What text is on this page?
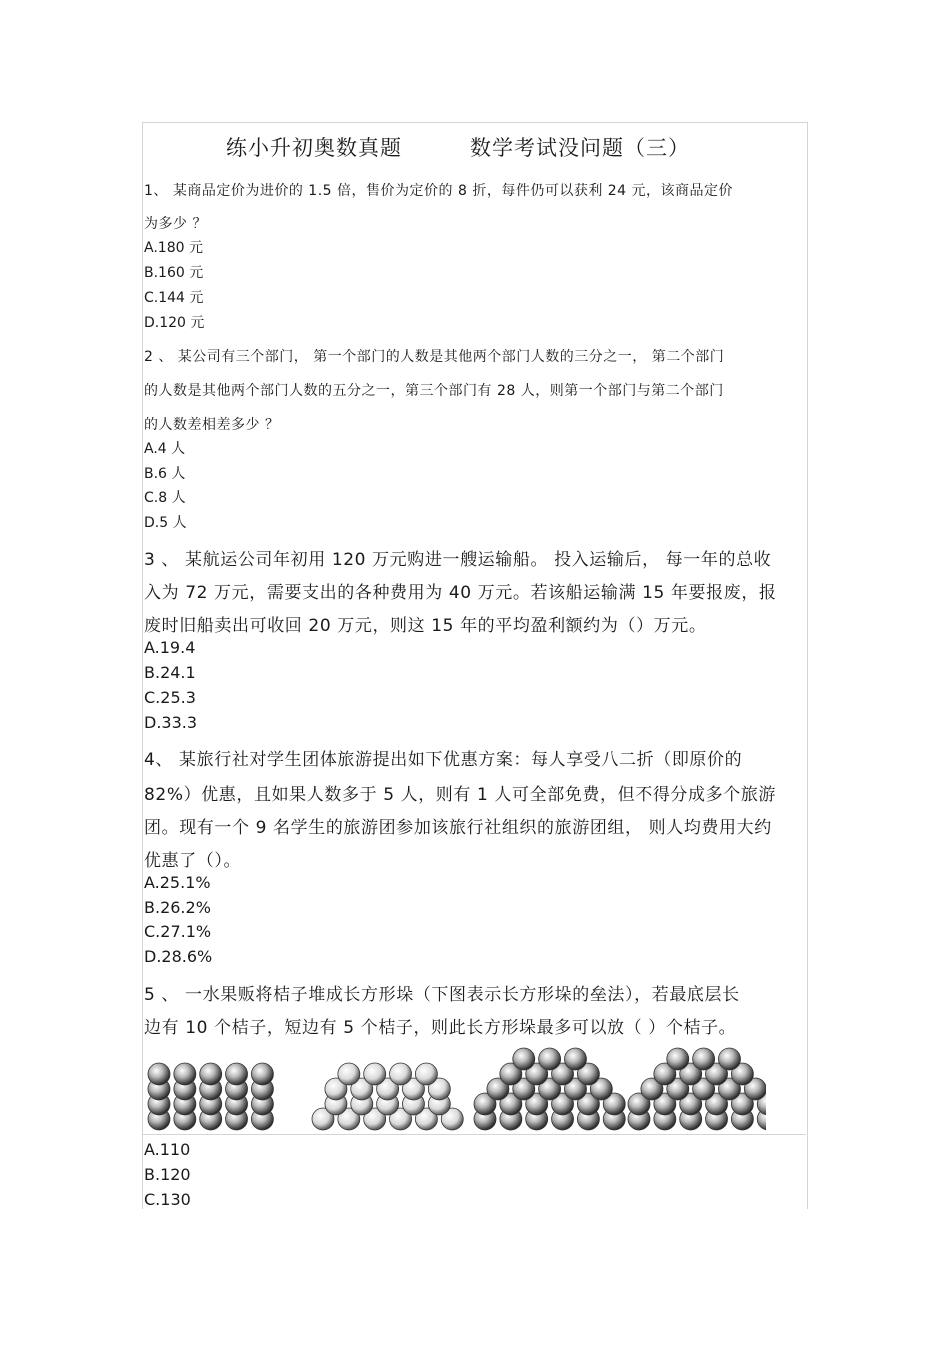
练小升初奥数真题	数学考试没问题（三）
1、 某商品定价为进价的 1.5 倍，售价为定价的 8 折，每件仍可以获利 24 元，该商品定价
为多少 ？
A.180 元
B.160 元
C.144 元
D.120 元
2 、 某公司有三个部门， 第一个部门的人数是其他两个部门人数的三分之一， 第二个部门
的人数是其他两个部门人数的五分之一，第三个部门有 28 人，则第一个部门与第二个部门
的人数差相差多少 ？
A.4 人
B.6 人
C.8 人
D.5 人
3 、 某航运公司年初用 120 万元购进一艘运输船。 投入运输后， 每一年的总收
入为 72 万元，需要支出的各种费用为 40 万元。若该船运输满 15 年要报废，报
废时旧船卖出可收回 20 万元，则这 15 年的平均盈利额约为（）万元。
A.19.4
B.24.1
C.25.3
D.33.3
4、 某旅行社对学生团体旅游提出如下优惠方案：每人享受八二折（即原价的
82%）优惠，且如果人数多于 5 人，则有 1 人可全部免费，但不得分成多个旅游
团。现有一个 9 名学生的旅游团参加该旅行社组织的旅游团组， 则人均费用大约
优惠了（）。
A.25.1%
B.26.2%
C.27.1%
D.28.6%
5 、 一水果贩将桔子堆成长方形垛（下图表示长方形垛的垒法），若最底层长
边有 10 个桔子，短边有 5 个桔子，则此长方形垛最多可以放（ ）个桔子。
A.110
B.120
C.130
